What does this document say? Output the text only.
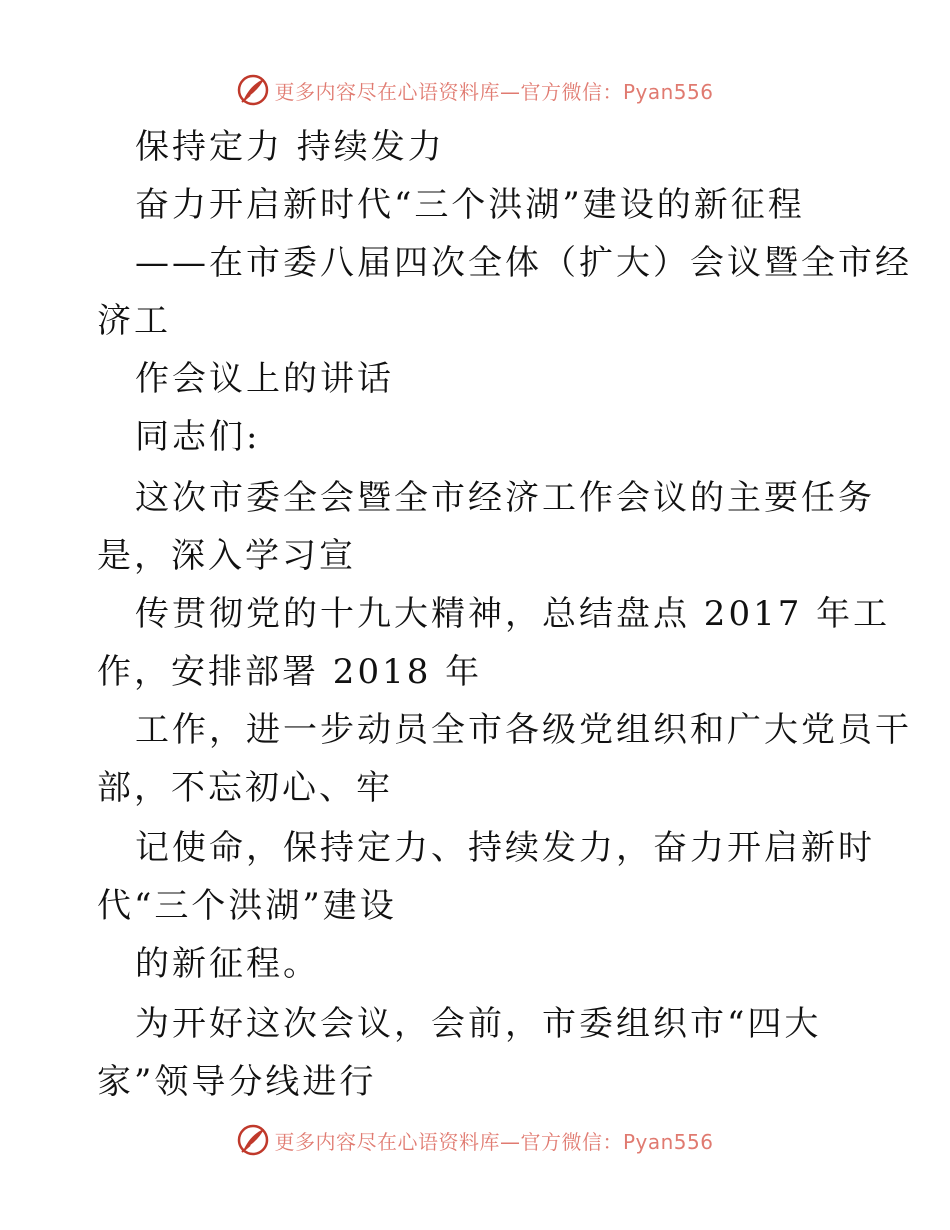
更多内容尽在心语资料库—官方微信：Pyan556
保持定力 持续发力
奋力开启新时代“三个洪湖”建设的新征程
——在市委八届四次全体（扩大）会议暨全市经
济工
作会议上的讲话
同志们:
这次市委全会暨全市经济工作会议的主要任务
是，深入学习宣
传贯彻党的十九大精神，总结盘点 2017 年工
作，安排部署 2018 年
工作，进一步动员全市各级党组织和广大党员干
部，不忘初心、牢
记使命，保持定力、持续发力，奋力开启新时
代“三个洪湖”建设
的新征程。
为开好这次会议，会前，市委组织市“四大
家”领导分线进行
更多内容尽在心语资料库—官方微信：Pyan556
